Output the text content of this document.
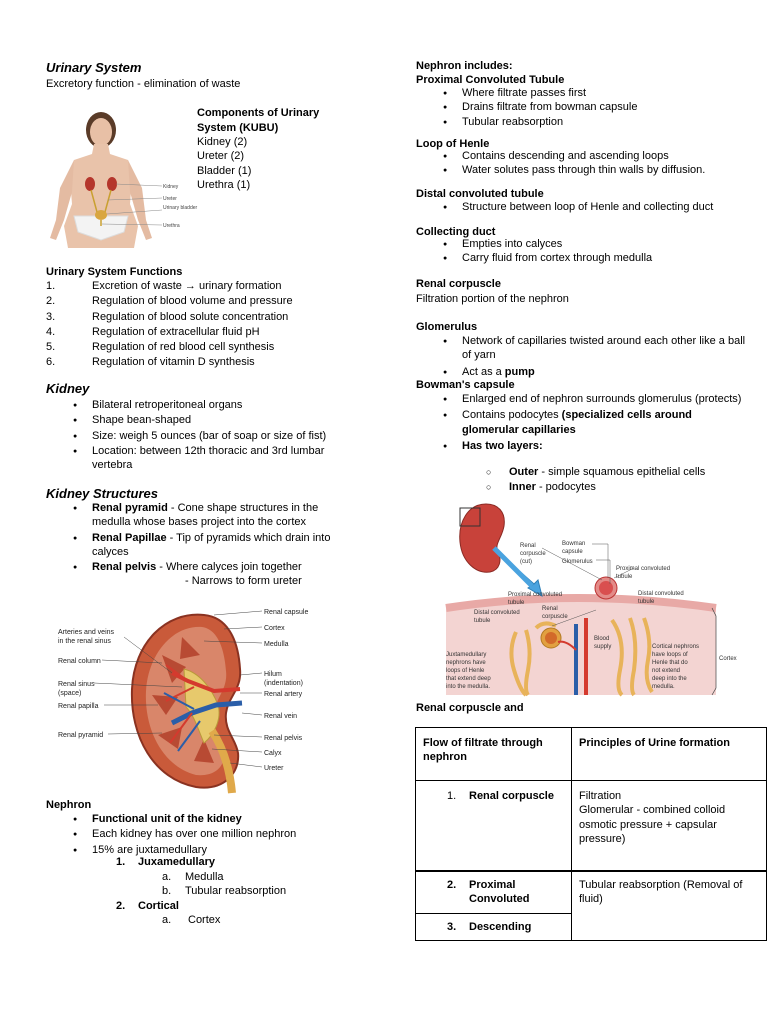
Urinary System
Excretory function - elimination of waste
Kidney
Ureter
Urinary bladder
Urethra
Components of Urinary
System (KUBU)
Kidney (2)
Ureter (2)
Bladder (1)
Urethra (1)
Urinary System Functions
1.	Excretion of waste → urinary formation
2.	Regulation of blood volume and pressure
3.	Regulation of blood solute concentration
4.	Regulation of extracellular fluid pH
5.	Regulation of red blood cell synthesis
6.	Regulation of vitamin D synthesis
Kidney
● Bilateral retroperitoneal organs
● Shape bean-shaped
● Size: weigh 5 ounces (bar of soap or size of fist)
● Location: between 12th thoracic and 3rd lumbar vertebra
Kidney Structures
● Renal pyramid - Cone shape structures in the medulla whose bases project into the cortex
● Renal Papillae - Tip of pyramids which drain into calyces
● Renal pelvis - Where calyces join together
- Narrows to form ureter
Renal capsule
Cortex
Medulla
Arteries and veins
in the renal sinus
Renal column
Hilum
(indentation)
Renal sinus
(space)	Renal artery
Renal papilla
Renal vein
Renal pyramid	Renal pelvis
Calyx
Ureter
Nephron
● Functional unit of the kidney
● Each kidney has over one million nephron
● 15% are juxtamedullary
1. Juxamedullary
a. Medulla
b. Tubular reabsorption
2. Cortical
a. Cortex
Nephron includes:
Proximal Convoluted Tubule
● Where filtrate passes first
● Drains filtrate from bowman capsule
● Tubular reabsorption
Loop of Henle
● Contains descending and ascending loops
● Water solutes pass through thin walls by diffusion.
Distal convoluted tubule
● Structure between loop of Henle and collecting duct
Collecting duct
● Empties into calyces
● Carry fluid from cortex through medulla
Renal corpuscle
Filtration portion of the nephron
Glomerulus
● Network of capillaries twisted around each other like a ball of yarn
● Act as a pump
Bowman's capsule
● Enlarged end of nephron surrounds glomerulus (protects)
● Contains podocytes (specialized cells around glomerular capillaries
● Has two layers:
○ Outer - simple squamous epithelial cells
○ Inner - podocytes
Renal
corpuscle
(cut)
Bowman
capsule
Glomerulus
Proximal convoluted
tubule
Proximal convoluted
tubule
Distal convoluted
tubule
Renal
corpuscle
Distal convoluted
tubule
Blood
supply
Juxtamedullary
nephrons have
loops of Henle
that extend deep
into the medulla.
Cortical nephrons
have loops of
Henle that do
not extend
deep into the
medulla.
Cortex
Renal corpuscle and
Flow of filtrate through nephron	Principles of Urine formation
1. Renal corpuscle	Filtration
Glomerular - combined colloid osmotic pressure + capsular pressure)

2. Proximal Convoluted	Tubular reabsorption (Removal of fluid)

3. Descending	
